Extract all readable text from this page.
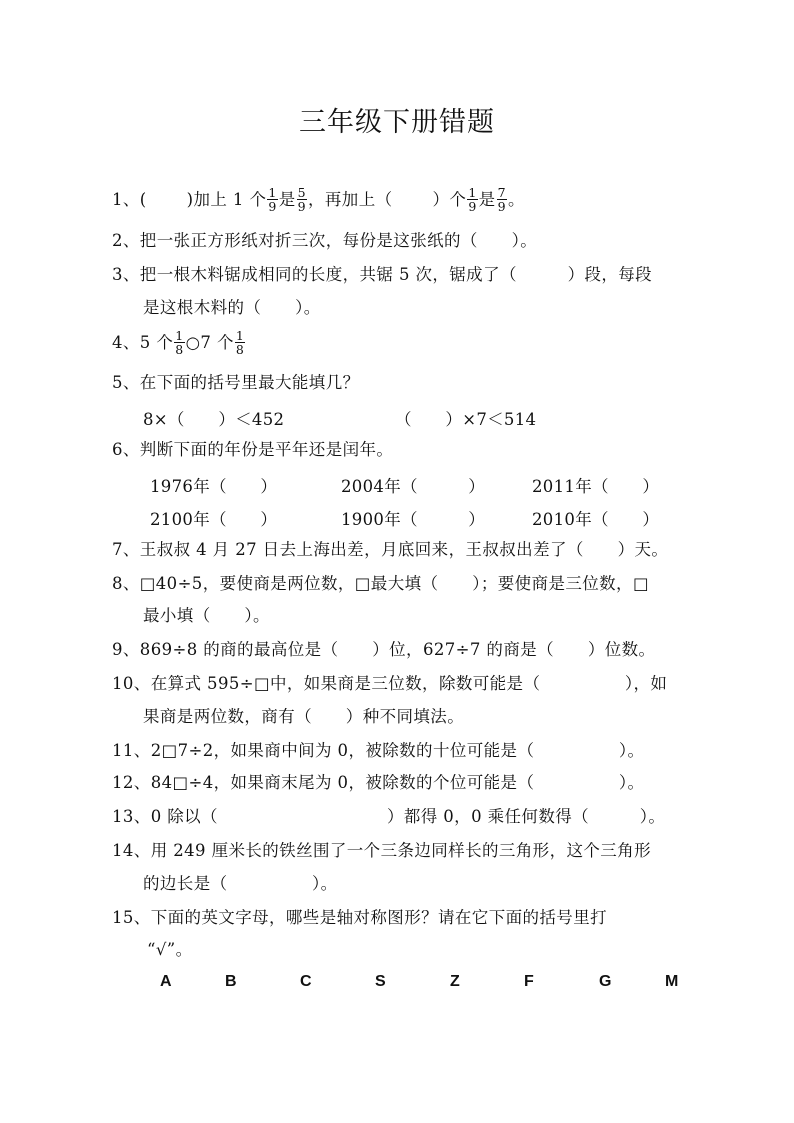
三年级下册错题
1、( )加上 1 个 $\frac{1}{9}$ 是 $\frac{5}{9}$ ，再加上（ ）个 $\frac{1}{9}$ 是 $\frac{7}{9}$ 。
2、把一张正方形纸对折三次，每份是这张纸的（　　）。
3、把一根木料锯成相同的长度，共锯 5 次，锯成了（　　　）段，每段
是这根木料的（　　）。
4、5 个 $\frac{1}{8}$ ○7 个 $\frac{1}{8}$
5、在下面的括号里最大能填几？
8×（　　）＜452	（　　）×7＜514
6、判断下面的年份是平年还是闰年。
1976年（　　）	2004年（　　　）	2011年（　　）
2100年（　　）	1900年（　　　）	2010年（　　）
7、王叔叔 4 月 27 日去上海出差，月底回来，王叔叔出差了（　　）天。
8、□40÷5，要使商是两位数，□最大填（　　）；要使商是三位数，□
最小填（　　）。
9、869÷8 的商的最高位是（　　）位，627÷7 的商是（　　）位数。
10、在算式 595÷□中，如果商是三位数，除数可能是（　　　　　），如
果商是两位数，商有（　　）种不同填法。
11、2□7÷2，如果商中间为 0，被除数的十位可能是（　　　　　）。
12、84□÷4，如果商末尾为 0，被除数的个位可能是（　　　　　）。
13、0 除以（　　　　　　　　　　）都得 0，0 乘任何数得（　　　）。
14、用 249 厘米长的铁丝围了一个三条边同样长的三角形，这个三角形
的边长是（　　　　　）。
15、下面的英文字母，哪些是轴对称图形？请在它下面的括号里打
“√”。
A	B	C	S	Z	F	G	M
